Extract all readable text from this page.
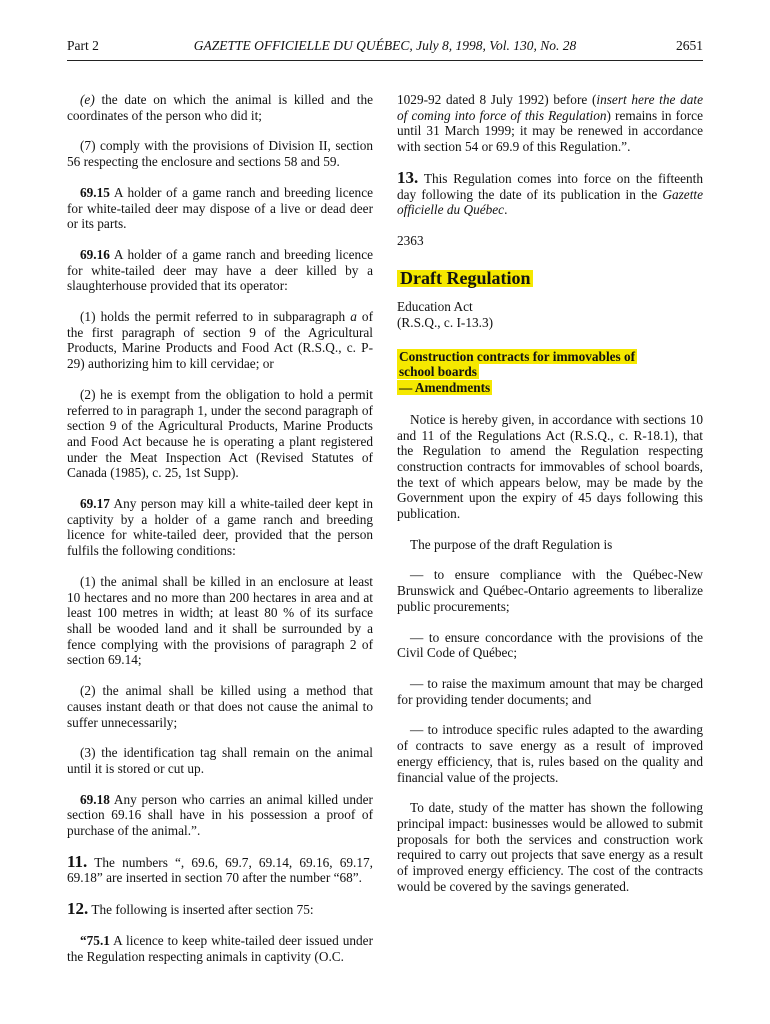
Part 2	GAZETTE OFFICIELLE DU QUÉBEC, July 8, 1998, Vol. 130, No. 28	2651

(e) the date on which the animal is killed and the coordinates of the person who did it;

(7) comply with the provisions of Division II, section 56 respecting the enclosure and sections 58 and 59.

69.15 A holder of a game ranch and breeding licence for white-tailed deer may dispose of a live or dead deer or its parts.

69.16 A holder of a game ranch and breeding licence for white-tailed deer may have a deer killed by a slaughterhouse provided that its operator:

(1) holds the permit referred to in subparagraph a of the first paragraph of section 9 of the Agricultural Products, Marine Products and Food Act (R.S.Q., c. P-29) authorizing him to kill cervidae; or

(2) he is exempt from the obligation to hold a permit referred to in paragraph 1, under the second paragraph of section 9 of the Agricultural Products, Marine Products and Food Act because he is operating a plant registered under the Meat Inspection Act (Revised Statutes of Canada (1985), c. 25, 1st Supp).

69.17 Any person may kill a white-tailed deer kept in captivity by a holder of a game ranch and breeding licence for white-tailed deer, provided that the person fulfils the following conditions:

(1) the animal shall be killed in an enclosure at least 10 hectares and no more than 200 hectares in area and at least 100 metres in width; at least 80 % of its surface shall be wooded land and it shall be surrounded by a fence complying with the provisions of paragraph 2 of section 69.14;

(2) the animal shall be killed using a method that causes instant death or that does not cause the animal to suffer unnecessarily;

(3) the identification tag shall remain on the animal until it is stored or cut up.

69.18 Any person who carries an animal killed under section 69.16 shall have in his possession a proof of purchase of the animal.”.

11. The numbers “, 69.6, 69.7, 69.14, 69.16, 69.17, 69.18” are inserted in section 70 after the number “68”.

12. The following is inserted after section 75:

“75.1 A licence to keep white-tailed deer issued under the Regulation respecting animals in captivity (O.C.

1029-92 dated 8 July 1992) before (insert here the date of coming into force of this Regulation) remains in force until 31 March 1999; it may be renewed in accordance with section 54 or 69.9 of this Regulation.”.

13. This Regulation comes into force on the fifteenth day following the date of its publication in the Gazette officielle du Québec.

2363

Draft Regulation
Education Act
(R.S.Q., c. I-13.3)
Construction contracts for immovables of
school boards
— Amendments

Notice is hereby given, in accordance with sections 10 and 11 of the Regulations Act (R.S.Q., c. R-18.1), that the Regulation to amend the Regulation respecting construction contracts for immovables of school boards, the text of which appears below, may be made by the Government upon the expiry of 45 days following this publication.

The purpose of the draft Regulation is

— to ensure compliance with the Québec-New Brunswick and Québec-Ontario agreements to liberalize public procurements;

— to ensure concordance with the provisions of the Civil Code of Québec;

— to raise the maximum amount that may be charged for providing tender documents; and

— to introduce specific rules adapted to the awarding of contracts to save energy as a result of improved energy efficiency, that is, rules based on the quality and financial value of the projects.

To date, study of the matter has shown the following principal impact: businesses would be allowed to submit proposals for both the services and construction work required to carry out projects that save energy as a result of improved energy efficiency. The cost of the contracts would be covered by the savings generated.
